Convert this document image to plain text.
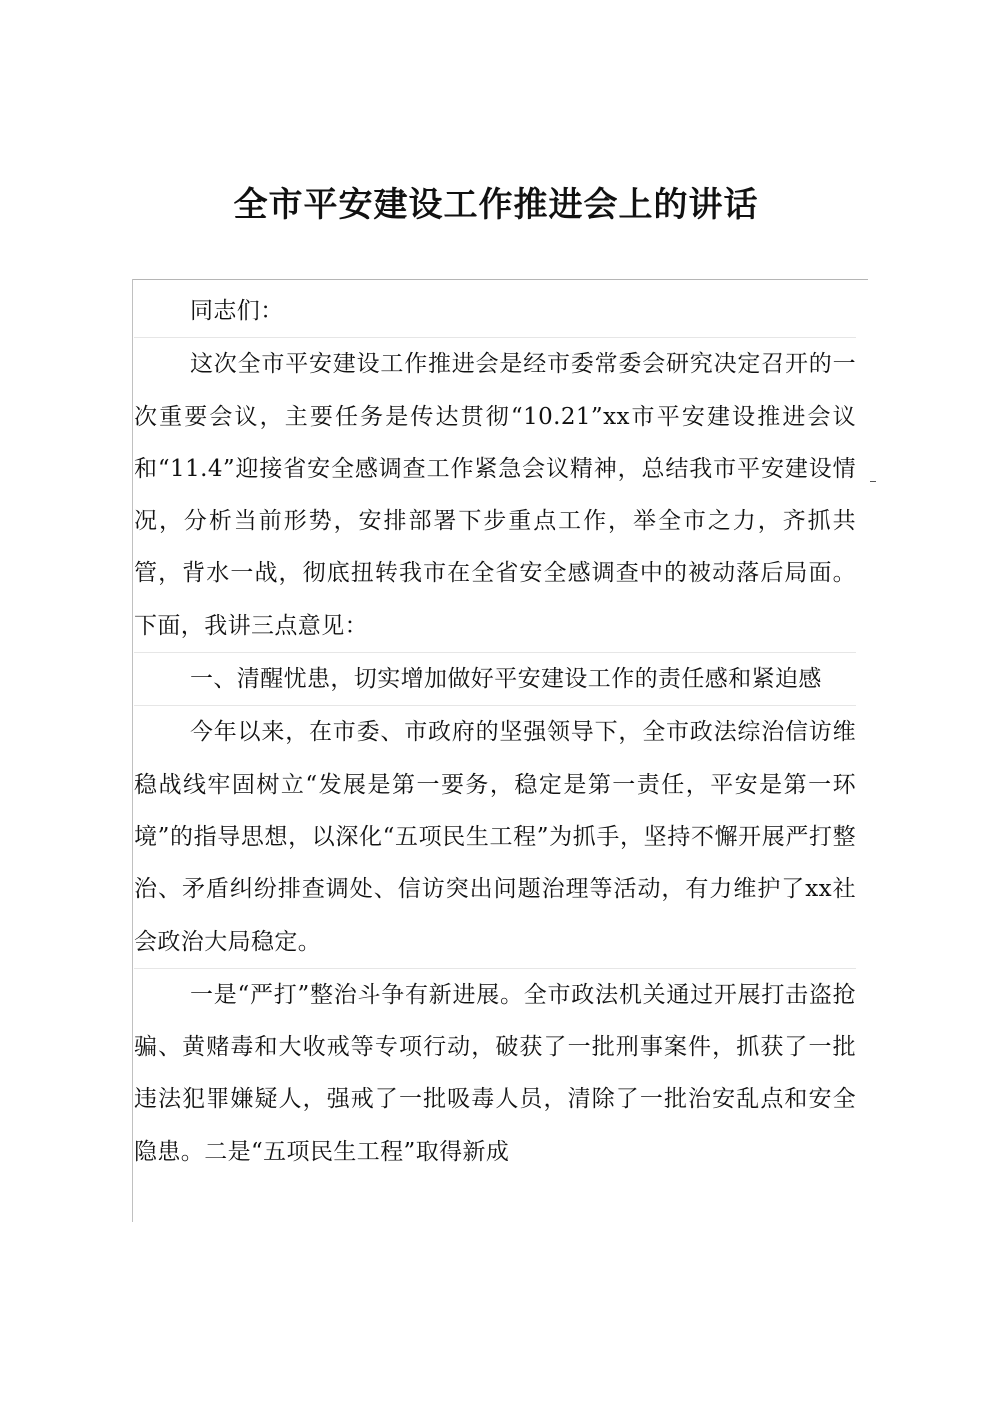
全市平安建设工作推进会上的讲话

同志们：

这次全市平安建设工作推进会是经市委常委会研究决定召开的一次重要会议，主要任务是传达贯彻“10.21”xx市平安建设推进会议和“11.4”迎接省安全感调查工作紧急会议精神，总结我市平安建设情况，分析当前形势，安排部署下步重点工作，举全市之力，齐抓共管，背水一战，彻底扭转我市在全省安全感调查中的被动落后局面。下面，我讲三点意见：

一、清醒忧患，切实增加做好平安建设工作的责任感和紧迫感

今年以来，在市委、市政府的坚强领导下，全市政法综治信访维稳战线牢固树立“发展是第一要务，稳定是第一责任，平安是第一环境”的指导思想，以深化“五项民生工程”为抓手，坚持不懈开展严打整治、矛盾纠纷排查调处、信访突出问题治理等活动，有力维护了xx社会政治大局稳定。

一是“严打”整治斗争有新进展。全市政法机关通过开展打击盗抢骗、黄赌毒和大收戒等专项行动，破获了一批刑事案件，抓获了一批违法犯罪嫌疑人，强戒了一批吸毒人员，清除了一批治安乱点和安全隐患。二是“五项民生工程”取得新成
